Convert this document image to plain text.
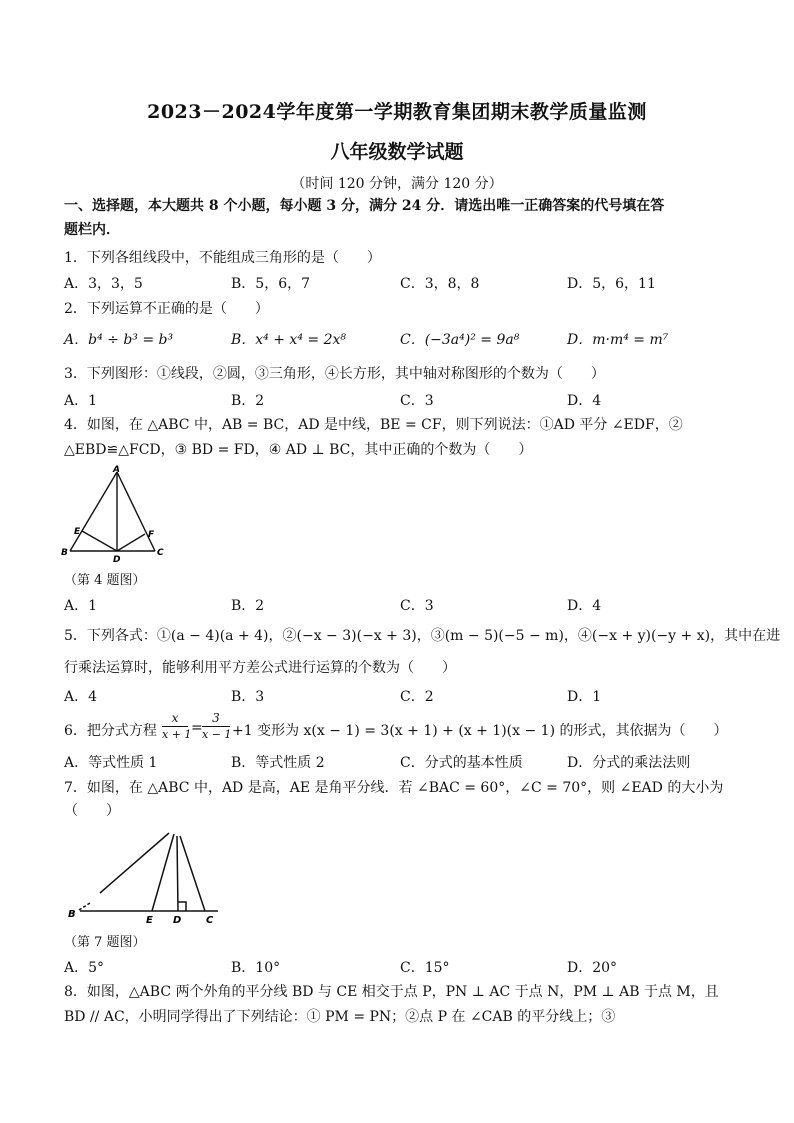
2023－2024学年度第一学期教育集团期末教学质量监测
八年级数学试题
（时间 120 分钟，满分 120 分）
一、选择题，本大题共 8 个小题，每小题 3 分，满分 24 分．请选出唯一正确答案的代号填在答
题栏内．
1．下列各组线段中，不能组成三角形的是（　　）
A．3，3，5	B．5，6，7	C．3，8，8	D．5，6，11
2．下列运算不正确的是（　　）
A．b⁴ ÷ b³ = b³	B．x⁴ + x⁴ = 2x⁸	C．(−3a⁴)² = 9a⁸	D．m·m⁴ = m⁷
3．下列图形：①线段，②圆，③三角形，④长方形，其中轴对称图形的个数为（　　）
A．1	B．2	C．3	D．4
4．如图，在 △ABC 中，AB = BC，AD 是中线，BE = CF，则下列说法：①AD 平分 ∠EDF，②
△EBD≌△FCD，③ BD = FD，④ AD ⊥ BC，其中正确的个数为（　　）
A
B	C
D
E	F
（第 4 题图）
A．1	B．2	C．3	D．4
5．下列各式：①(a − 4)(a + 4)，②(−x − 3)(−x + 3)，③(m − 5)(−5 − m)，④(−x + y)(−y + x)，其中在进
行乘法运算时，能够利用平方差公式进行运算的个数为（　　）
A．4	B．3	C．2	D．1
6．把分式方程 $\frac{x}{x + 1} = \frac{3}{x - 1} +1$ 变形为 x(x − 1) = 3(x + 1) + (x + 1)(x − 1) 的形式，其依据为（　　）
A．等式性质 1	B．等式性质 2	C．分式的基本性质	D．分式的乘法法则
7．如图，在 △ABC 中，AD 是高，AE 是角平分线．若 ∠BAC = 60°，∠C = 70°，则 ∠EAD 的大小为
（　　）
B
E D C
（第 7 题图）
A．5°	B．10°	C．15°	D．20°
8．如图，△ABC 两个外角的平分线 BD 与 CE 相交于点 P，PN ⊥ AC 于点 N，PM ⊥ AB 于点 M，且
BD // AC，小明同学得出了下列结论：① PM = PN；②点 P 在 ∠CAB 的平分线上；③
